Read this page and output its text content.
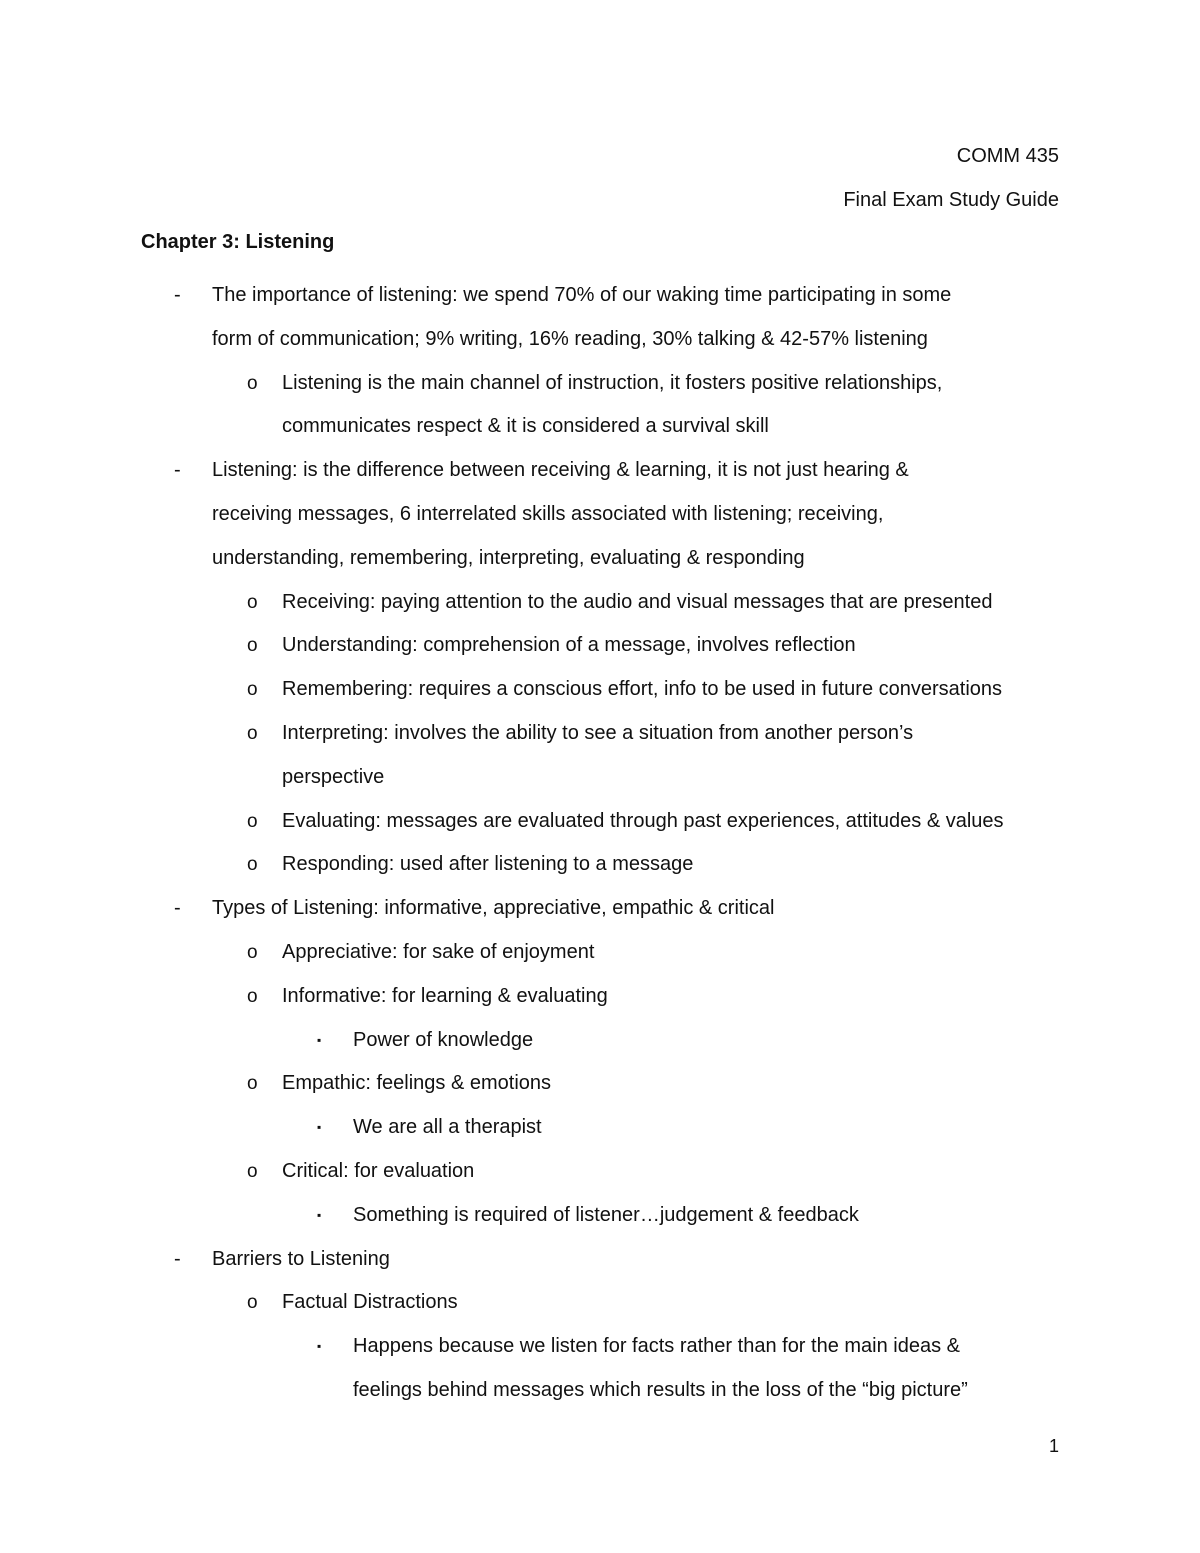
COMM 435
Final Exam Study Guide
Chapter 3: Listening
- The importance of listening: we spend 70% of our waking time participating in some
form of communication; 9% writing, 16% reading, 30% talking & 42-57% listening
o Listening is the main channel of instruction, it fosters positive relationships,
communicates respect & it is considered a survival skill
- Listening: is the difference between receiving & learning, it is not just hearing &
receiving messages, 6 interrelated skills associated with listening; receiving,
understanding, remembering, interpreting, evaluating & responding
o Receiving: paying attention to the audio and visual messages that are presented
o Understanding: comprehension of a message, involves reflection
o Remembering: requires a conscious effort, info to be used in future conversations
o Interpreting: involves the ability to see a situation from another person’s
perspective
o Evaluating: messages are evaluated through past experiences, attitudes & values
o Responding: used after listening to a message
- Types of Listening: informative, appreciative, empathic & critical
o Appreciative: for sake of enjoyment
o Informative: for learning & evaluating
▪ Power of knowledge
o Empathic: feelings & emotions
▪ We are all a therapist
o Critical: for evaluation
▪ Something is required of listener…judgement & feedback
- Barriers to Listening
o Factual Distractions
▪ Happens because we listen for facts rather than for the main ideas &
feelings behind messages which results in the loss of the “big picture”
1
